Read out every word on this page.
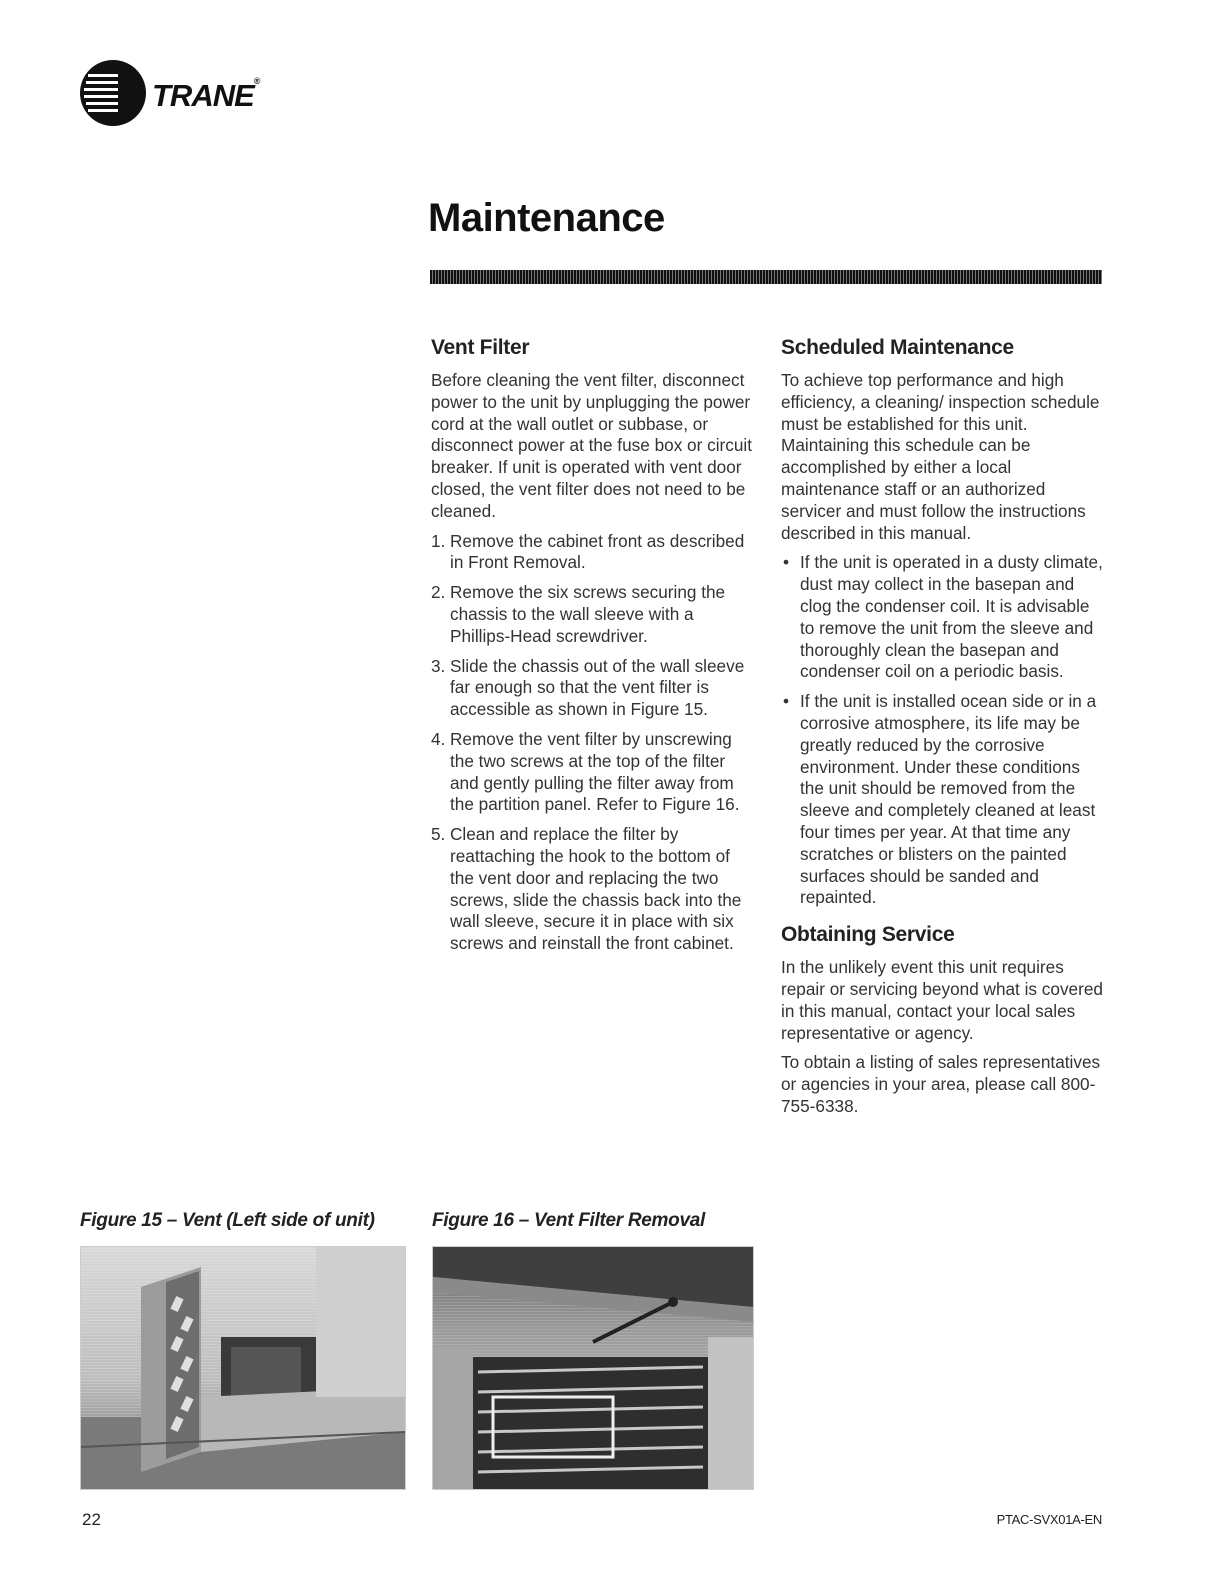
TRANE®
Maintenance
Vent Filter

Before cleaning the vent filter, disconnect power to the unit by unplugging the power cord at the wall outlet or subbase, or disconnect power at the fuse box or circuit breaker. If unit is operated with vent door closed, the vent filter does not need to be cleaned.

1. Remove the cabinet front as described in Front Removal.
2. Remove the six screws securing the chassis to the wall sleeve with a Phillips-Head screwdriver.
3. Slide the chassis out of the wall sleeve far enough so that the vent filter is accessible as shown in Figure 15.
4. Remove the vent filter by unscrewing the two screws at the top of the filter and gently pulling the filter away from the partition panel. Refer to Figure 16.
5. Clean and replace the filter by reattaching the hook to the bottom of the vent door and replacing the two screws, slide the chassis back into the wall sleeve, secure it in place with six screws and reinstall the front cabinet.
Scheduled Maintenance

To achieve top performance and high efficiency, a cleaning/ inspection schedule must be established for this unit. Maintaining this schedule can be accomplished by either a local maintenance staff or an authorized servicer and must follow the instructions described in this manual.

• If the unit is operated in a dusty climate, dust may collect in the basepan and clog the condenser coil. It is advisable to remove the unit from the sleeve and thoroughly clean the basepan and condenser coil on a periodic basis.
• If the unit is installed ocean side or in a corrosive atmosphere, its life may be greatly reduced by the corrosive environment. Under these conditions the unit should be removed from the sleeve and completely cleaned at least four times per year. At that time any scratches or blisters on the painted surfaces should be sanded and repainted.
Obtaining Service

In the unlikely event this unit requires repair or servicing beyond what is covered in this manual, contact your local sales representative or agency.

To obtain a listing of sales representatives or agencies in your area, please call 800-755-6338.

Figure 15 – Vent (Left side of unit)	Figure 16 – Vent Filter Removal

22	PTAC-SVX01A-EN
